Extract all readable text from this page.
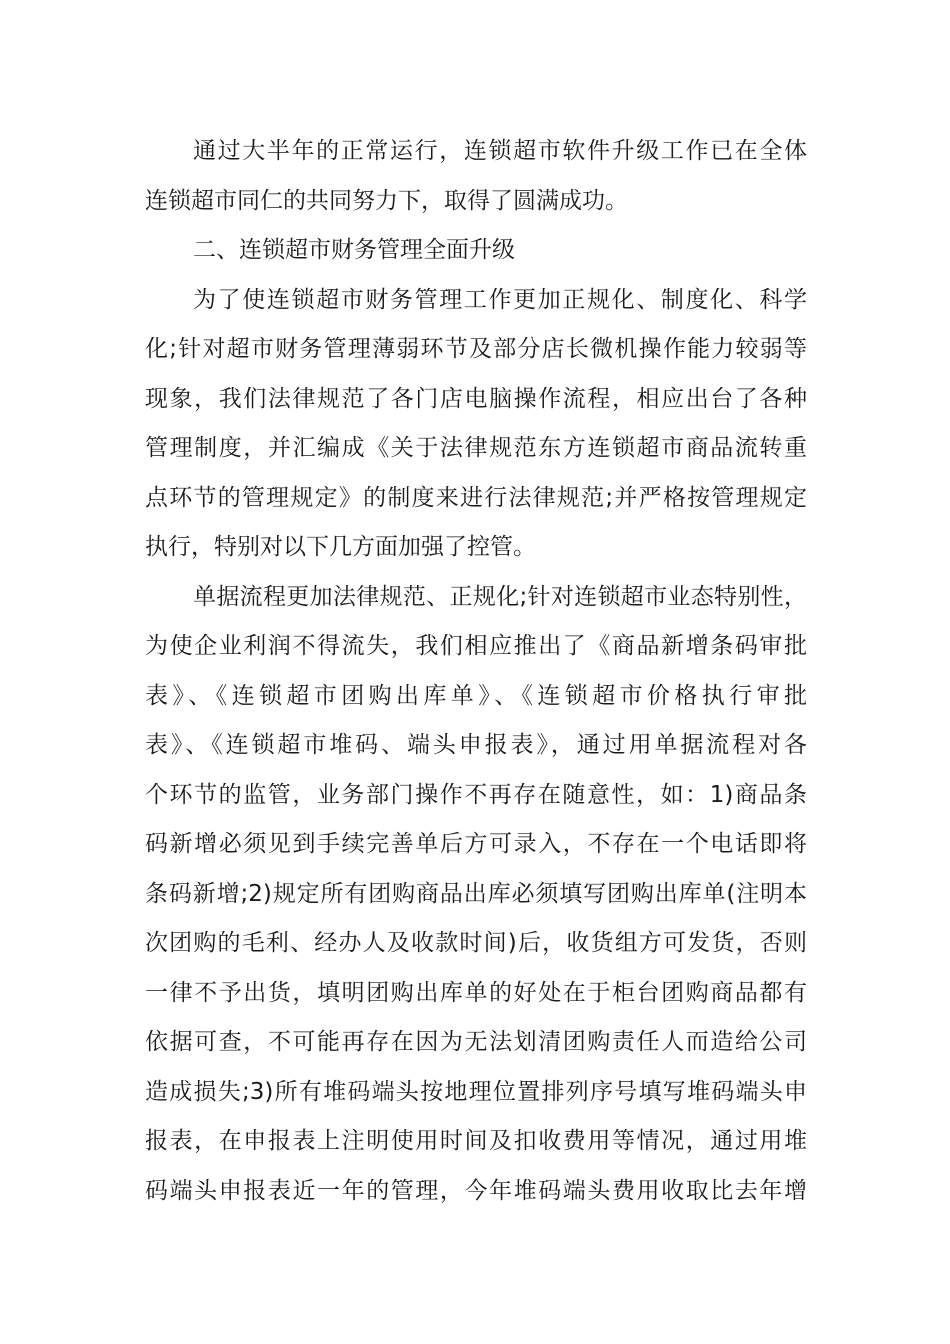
通过大半年的正常运行，连锁超市软件升级工作已在全体
连锁超市同仁的共同努力下，取得了圆满成功。
二、连锁超市财务管理全面升级
为了使连锁超市财务管理工作更加正规化、制度化、科学
化;针对超市财务管理薄弱环节及部分店长微机操作能力较弱等
现象，我们法律规范了各门店电脑操作流程，相应出台了各种
管理制度，并汇编成《关于法律规范东方连锁超市商品流转重
点环节的管理规定》的制度来进行法律规范;并严格按管理规定
执行，特别对以下几方面加强了控管。
单据流程更加法律规范、正规化;针对连锁超市业态特别性，
为使企业利润不得流失，我们相应推出了《商品新增条码审批
表》、《连锁超市团购出库单》、《连锁超市价格执行审批
表》、《连锁超市堆码、端头申报表》，通过用单据流程对各
个环节的监管，业务部门操作不再存在随意性，如：1)商品条
码新增必须见到手续完善单后方可录入，不存在一个电话即将
条码新增;2)规定所有团购商品出库必须填写团购出库单(注明本
次团购的毛利、经办人及收款时间)后，收货组方可发货，否则
一律不予出货，填明团购出库单的好处在于柜台团购商品都有
依据可查，不可能再存在因为无法划清团购责任人而造给公司
造成损失;3)所有堆码端头按地理位置排列序号填写堆码端头申
报表，在申报表上注明使用时间及扣收费用等情况，通过用堆
码端头申报表近一年的管理，今年堆码端头费用收取比去年增
